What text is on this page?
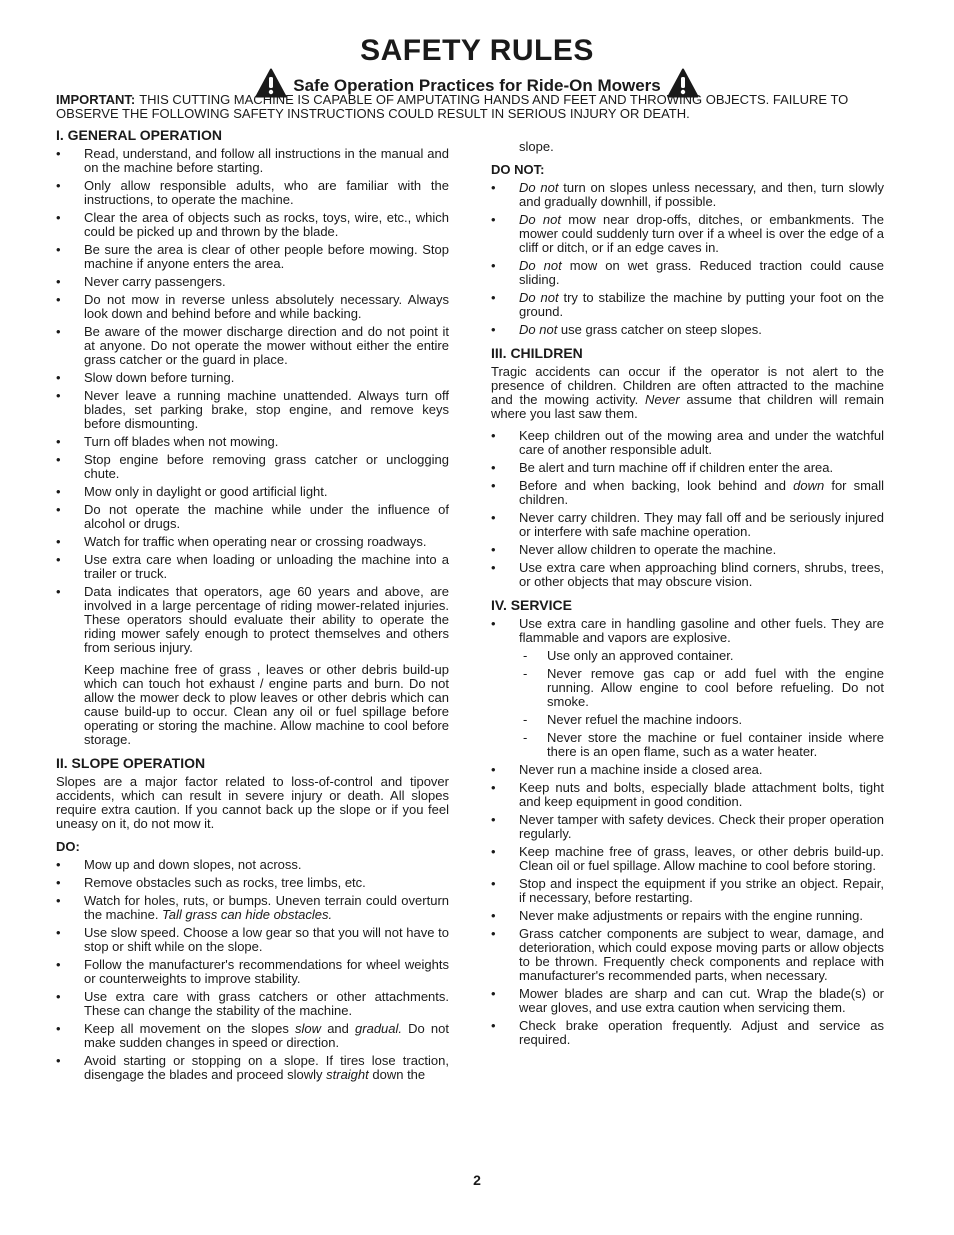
SAFETY RULES
Safe Operation Practices for Ride-On Mowers
IMPORTANT: THIS CUTTING MACHINE IS CAPABLE OF AMPUTATING HANDS AND FEET AND THROWING OBJECTS. FAILURE TO OBSERVE THE FOLLOWING SAFETY INSTRUCTIONS COULD RESULT IN SERIOUS INJURY OR DEATH.
I. GENERAL OPERATION
• Read, understand, and follow all instructions in the manual and on the machine before starting.
• Only allow responsible adults, who are familiar with the instructions, to operate the machine.
• Clear the area of objects such as rocks, toys, wire, etc., which could be picked up and thrown by the blade.
• Be sure the area is clear of other people before mowing. Stop machine if anyone enters the area.
• Never carry passengers.
• Do not mow in reverse unless absolutely necessary. Always look down and behind before and while backing.
• Be aware of the mower discharge direction and do not point it at anyone. Do not operate the mower without either the entire grass catcher or the guard in place.
• Slow down before turning.
• Never leave a running machine unattended. Always turn off blades, set parking brake, stop engine, and remove keys before dismounting.
• Turn off blades when not mowing.
• Stop engine before removing grass catcher or unclogging chute.
• Mow only in daylight or good artificial light.
• Do not operate the machine while under the influence of alcohol or drugs.
• Watch for traffic when operating near or crossing roadways.
• Use extra care when loading or unloading the machine into a trailer or truck.
• Data indicates that operators, age 60 years and above, are involved in a large percentage of riding mower-related injuries. These operators should evaluate their ability to operate the riding mower safely enough to protect themselves and others from serious injury.

Keep machine free of grass , leaves or other debris build-up which can touch hot exhaust / engine parts and burn. Do not allow the mower deck to plow leaves or other debris which can cause build-up to occur. Clean any oil or fuel spillage before operating or storing the machine. Allow machine to cool before storage.

II. SLOPE OPERATION

Slopes are a major factor related to loss-of-control and tipover accidents, which can result in severe injury or death. All slopes require extra caution. If you cannot back up the slope or if you feel uneasy on it, do not mow it.

DO:
• Mow up and down slopes, not across.
• Remove obstacles such as rocks, tree limbs, etc.
• Watch for holes, ruts, or bumps. Uneven terrain could overturn the machine. Tall grass can hide obstacles.
• Use slow speed. Choose a low gear so that you will not have to stop or shift while on the slope.
• Follow the manufacturer's recommendations for wheel weights or counterweights to improve stability.
• Use extra care with grass catchers or other attachments. These can change the stability of the machine.
• Keep all movement on the slopes slow and gradual. Do not make sudden changes in speed or direction.
• Avoid starting or stopping on a slope. If tires lose traction, disengage the blades and proceed slowly straight down the
slope.
DO NOT:
• Do not turn on slopes unless necessary, and then, turn slowly and gradually downhill, if possible.
• Do not mow near drop-offs, ditches, or embankments. The mower could suddenly turn over if a wheel is over the edge of a cliff or ditch, or if an edge caves in.
• Do not mow on wet grass. Reduced traction could cause sliding.
• Do not try to stabilize the machine by putting your foot on the ground.
• Do not use grass catcher on steep slopes.
III. CHILDREN

Tragic accidents can occur if the operator is not alert to the presence of children. Children are often attracted to the machine and the mowing activity. Never assume that children will remain where you last saw them.

• Keep children out of the mowing area and under the watchful care of another responsible adult.
• Be alert and turn machine off if children enter the area.
• Before and when backing, look behind and down for small children.
• Never carry children. They may fall off and be seriously injured or interfere with safe machine operation.
• Never allow children to operate the machine.
• Use extra care when approaching blind corners, shrubs, trees, or other objects that may obscure vision.
IV. SERVICE
• Use extra care in handling gasoline and other fuels. They are flammable and vapors are explosive.
- Use only an approved container.
- Never remove gas cap or add fuel with the engine running. Allow engine to cool before refueling. Do not smoke.
- Never refuel the machine indoors.
- Never store the machine or fuel container inside where there is an open flame, such as a water heater.
• Never run a machine inside a closed area.
• Keep nuts and bolts, especially blade attachment bolts, tight and keep equipment in good condition.
• Never tamper with safety devices. Check their proper operation regularly.
• Keep machine free of grass, leaves, or other debris build-up. Clean oil or fuel spillage. Allow machine to cool before storing.
• Stop and inspect the equipment if you strike an object. Repair, if necessary, before restarting.
• Never make adjustments or repairs with the engine running.
• Grass catcher components are subject to wear, damage, and deterioration, which could expose moving parts or allow objects to be thrown. Frequently check components and replace with manufacturer's recommended parts, when necessary.
• Mower blades are sharp and can cut. Wrap the blade(s) or wear gloves, and use extra caution when servicing them.
• Check brake operation frequently. Adjust and service as required.
2
